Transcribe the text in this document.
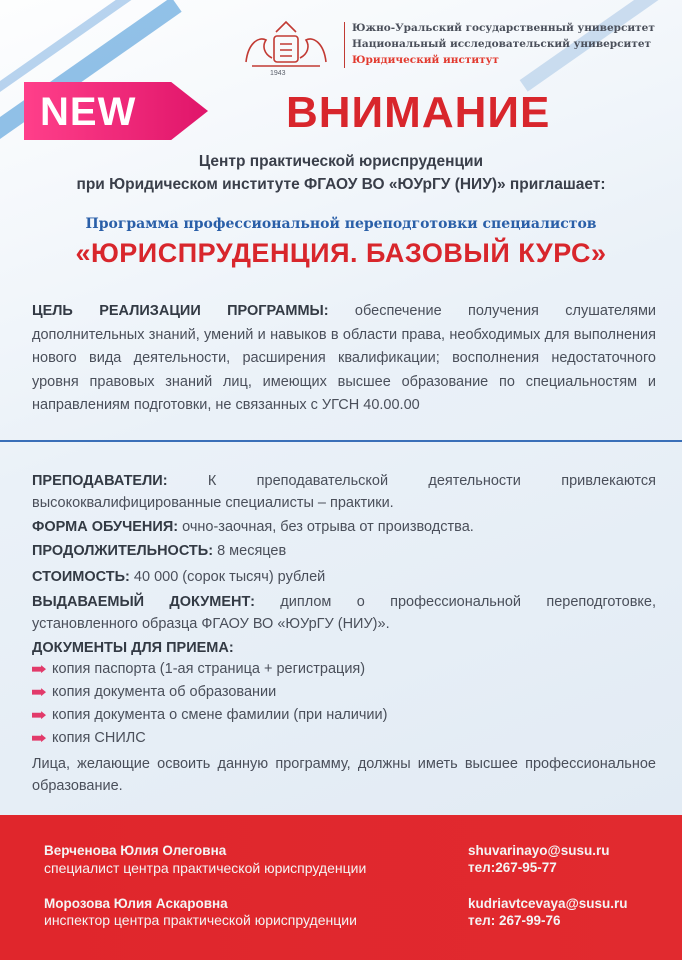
1943
Южно-Уральский государственный университет
Национальный исследовательский университет
Юридический институт
NEW	ВНИМАНИЕ
Центр практической юриспруденции
при Юридическом институте ФГАОУ ВО «ЮУрГУ (НИУ)» приглашает:
Программа профессиональной переподготовки специалистов
«ЮРИСПРУДЕНЦИЯ. БАЗОВЫЙ КУРС»
ЦЕЛЬ РЕАЛИЗАЦИИ ПРОГРАММЫ: обеспечение получения слушателями дополнительных знаний, умений и навыков в области права, необходимых для выполнения нового вида деятельности, расширения квалификации; восполнения недостаточного уровня правовых знаний лиц, имеющих высшее образование по специальностям и направлениям подготовки, не связанных с УГСН 40.00.00
ПРЕПОДАВАТЕЛИ:	К преподавательской деятельности привлекаются высококвалифицированные специалисты – практики.
ФОРМА ОБУЧЕНИЯ: очно-заочная, без отрыва от производства.
ПРОДОЛЖИТЕЛЬНОСТЬ: 8 месяцев
СТОИМОСТЬ: 40 000 (сорок тысяч) рублей
ВЫДАВАЕМЫЙ ДОКУМЕНТ: диплом о профессиональной переподготовке, установленного образца ФГАОУ ВО «ЮУрГУ (НИУ)».
ДОКУМЕНТЫ ДЛЯ ПРИЕМА:
копия паспорта (1-ая страница + регистрация)
копия документа об образовании
копия документа о смене фамилии (при наличии)
копия СНИЛС
Лица, желающие освоить данную программу, должны иметь высшее профессиональное образование.
Верченова Юлия Олеговна
специалист центра практической юриспруденции
shuvarinayo@susu.ru
тел:267-95-77
Морозова Юлия Аскаровна
инспектор центра практической юриспруденции
kudriavtcevaya@susu.ru
тел: 267-99-76
